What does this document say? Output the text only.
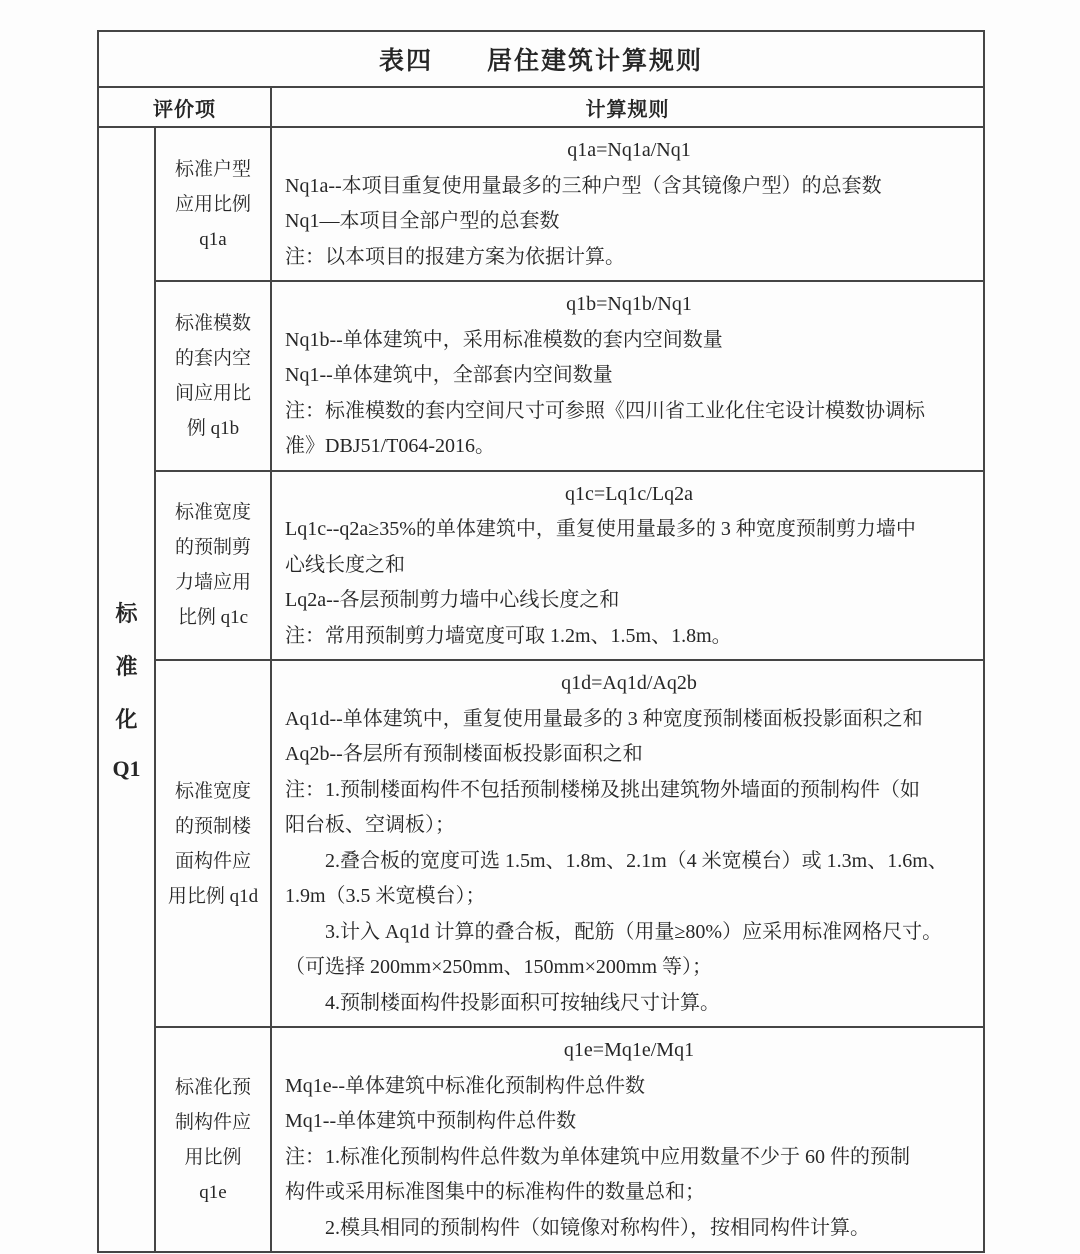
表四　　居住建筑计算规则
评价项	计算规则
标
准
化
Q1
标准户型
应用比例
q1a
q1a=Nq1a/Nq1
Nq1a--本项目重复使用量最多的三种户型（含其镜像户型）的总套数
Nq1—本项目全部户型的总套数
注：以本项目的报建方案为依据计算。
标准模数
的套内空
间应用比
例 q1b
q1b=Nq1b/Nq1
Nq1b--单体建筑中，采用标准模数的套内空间数量
Nq1--单体建筑中，全部套内空间数量
注：标准模数的套内空间尺寸可参照《四川省工业化住宅设计模数协调标
准》DBJ51/T064-2016。
标准宽度
的预制剪
力墙应用
比例 q1c
q1c=Lq1c/Lq2a
Lq1c--q2a≥35%的单体建筑中，重复使用量最多的 3 种宽度预制剪力墙中
心线长度之和
Lq2a--各层预制剪力墙中心线长度之和
注：常用预制剪力墙宽度可取 1.2m、1.5m、1.8m。
标准宽度
的预制楼
面构件应
用比例 q1d
q1d=Aq1d/Aq2b
Aq1d--单体建筑中，重复使用量最多的 3 种宽度预制楼面板投影面积之和
Aq2b--各层所有预制楼面板投影面积之和
注：1.预制楼面构件不包括预制楼梯及挑出建筑物外墙面的预制构件（如
阳台板、空调板）；
　　2.叠合板的宽度可选 1.5m、1.8m、2.1m（4 米宽模台）或 1.3m、1.6m、
1.9m（3.5 米宽模台）；
　　3.计入 Aq1d 计算的叠合板，配筋（用量≥80%）应采用标准网格尺寸。
（可选择 200mm×250mm、150mm×200mm 等）；
　　4.预制楼面构件投影面积可按轴线尺寸计算。
标准化预
制构件应
用比例
q1e
q1e=Mq1e/Mq1
Mq1e--单体建筑中标准化预制构件总件数
Mq1--单体建筑中预制构件总件数
注：1.标准化预制构件总件数为单体建筑中应用数量不少于 60 件的预制
构件或采用标准图集中的标准构件的数量总和；
　　2.模具相同的预制构件（如镜像对称构件），按相同构件计算。
